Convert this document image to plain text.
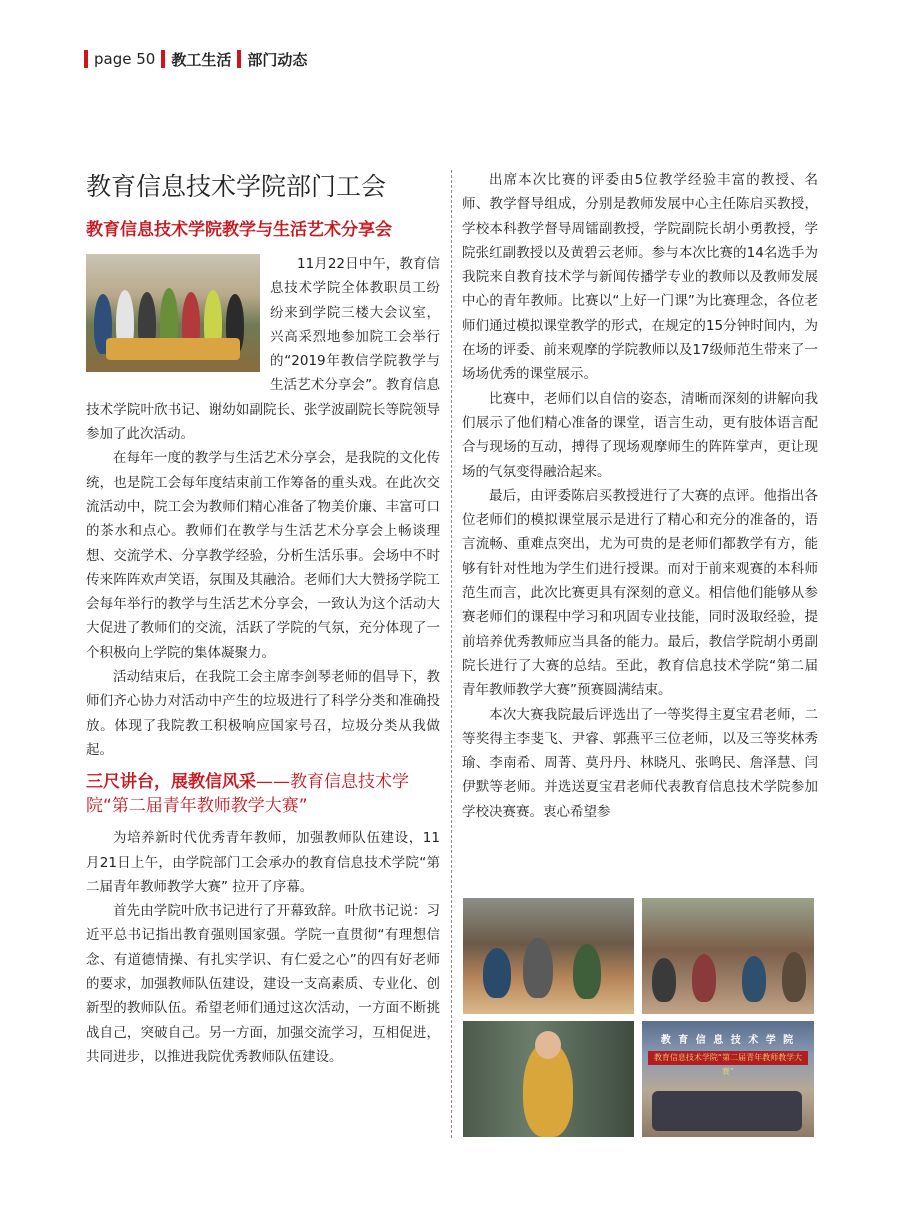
page 50 教工生活 部门动态
教育信息技术学院部门工会
教育信息技术学院教学与生活艺术分享会

11月22日中午，教育信息技术学院全体教职员工纷纷来到学院三楼大会议室，兴高采烈地参加院工会举行的“2019年教信学院教学与生活艺术分享会”。教育信息技术学院叶欣书记、谢幼如副院长、张学波副院长等院领导参加了此次活动。

在每年一度的教学与生活艺术分享会，是我院的文化传统，也是院工会每年度结束前工作筹备的重头戏。在此次交流活动中，院工会为教师们精心准备了物美价廉、丰富可口的茶水和点心。教师们在教学与生活艺术分享会上畅谈理想、交流学术、分享教学经验，分析生活乐事。会场中不时传来阵阵欢声笑语，氛围及其融洽。老师们大大赞扬学院工会每年举行的教学与生活艺术分享会，一致认为这个活动大大促进了教师们的交流，活跃了学院的气氛，充分体现了一个积极向上学院的集体凝聚力。

活动结束后，在我院工会主席李剑琴老师的倡导下，教师们齐心协力对活动中产生的垃圾进行了科学分类和准确投放。体现了我院教工积极响应国家号召，垃圾分类从我做起。

三尺讲台，展教信风采——教育信息技术学院“第二届青年教师教学大赛”

为培养新时代优秀青年教师，加强教师队伍建设，11月21日上午，由学院部门工会承办的教育信息技术学院“第二届青年教师教学大赛” 拉开了序幕。

首先由学院叶欣书记进行了开幕致辞。叶欣书记说：习近平总书记指出教育强则国家强。学院一直贯彻“有理想信念、有道德情操、有扎实学识、有仁爱之心”的四有好老师的要求，加强教师队伍建设，建设一支高素质、专业化、创新型的教师队伍。希望老师们通过这次活动，一方面不断挑战自己，突破自己。另一方面，加强交流学习，互相促进，共同进步，以推进我院优秀教师队伍建设。

出席本次比赛的评委由5位教学经验丰富的教授、名师、教学督导组成，分别是教师发展中心主任陈启买教授，学校本科教学督导周镭副教授，学院副院长胡小勇教授，学院张红副教授以及黄碧云老师。参与本次比赛的14名选手为我院来自教育技术学与新闻传播学专业的教师以及教师发展中心的青年教师。比赛以“上好一门课”为比赛理念，各位老师们通过模拟课堂教学的形式，在规定的15分钟时间内，为在场的评委、前来观摩的学院教师以及17级师范生带来了一场场优秀的课堂展示。

比赛中，老师们以自信的姿态，清晰而深刻的讲解向我们展示了他们精心准备的课堂，语言生动，更有肢体语言配合与现场的互动，搏得了现场观摩师生的阵阵掌声，更让现场的气氛变得融洽起来。

最后，由评委陈启买教授进行了大赛的点评。他指出各位老师们的模拟课堂展示是进行了精心和充分的准备的，语言流畅、重难点突出，尤为可贵的是老师们都教学有方，能够有针对性地为学生们进行授课。而对于前来观赛的本科师范生而言，此次比赛更具有深刻的意义。相信他们能够从参赛老师们的课程中学习和巩固专业技能，同时汲取经验，提前培养优秀教师应当具备的能力。最后，教信学院胡小勇副院长进行了大赛的总结。至此，教育信息技术学院“第二届青年教师教学大赛”预赛圆满结束。

本次大赛我院最后评选出了一等奖得主夏宝君老师，二等奖得主李斐飞、尹睿、郭燕平三位老师，以及三等奖林秀瑜、李南希、周菁、莫丹丹、林晓凡、张鸣民、詹泽慧、闫伊默等老师。并选送夏宝君老师代表教育信息技术学院参加学校决赛赛。衷心希望参

教 育 信 息 技 术 学 院
教育信息技术学院“第二届青年教师教学大赛”
